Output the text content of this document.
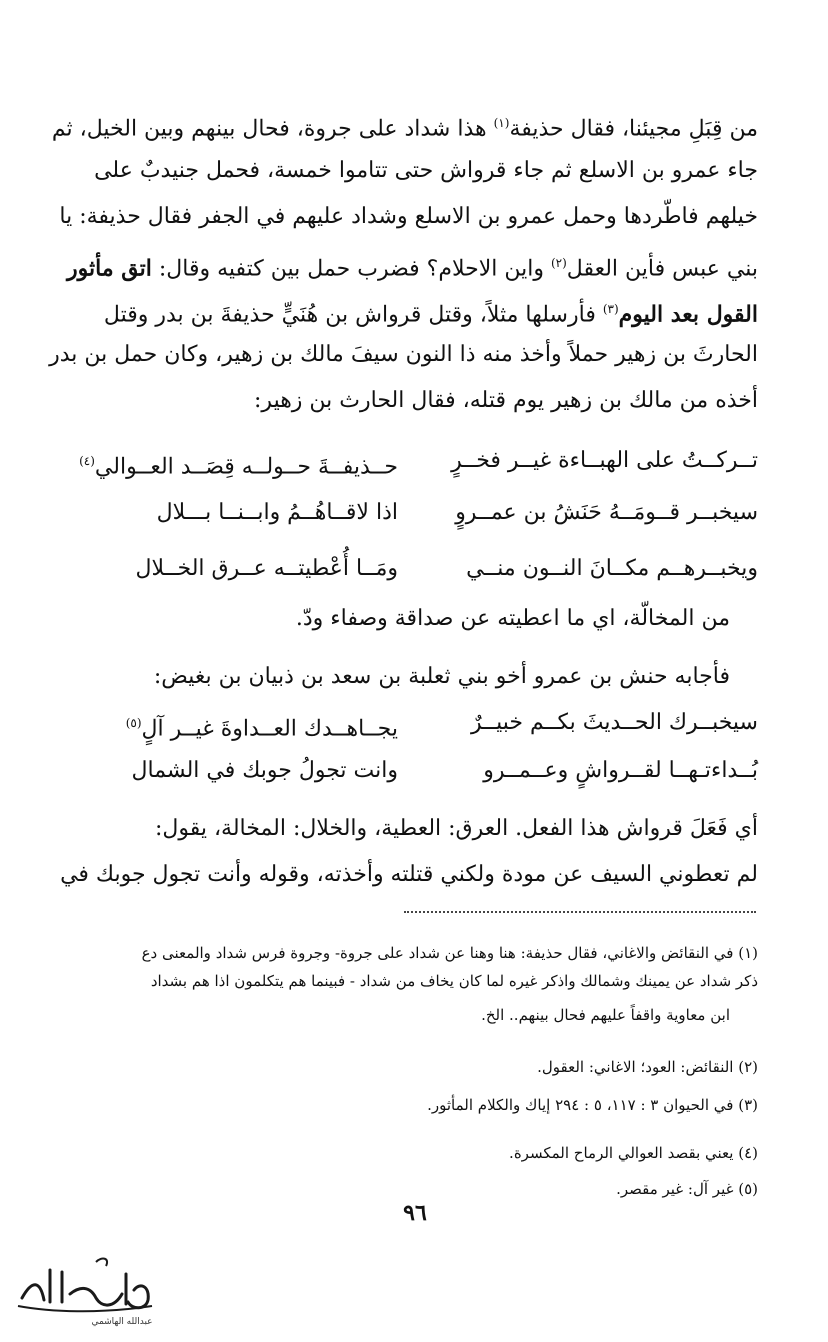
من قِبَلِ مجيئنا، فقال حذيفة$^{(١)}$ هذا شداد على جروة، فحال بينهم وبين الخيل، ثم
جاء عمرو بن الاسلع ثم جاء قرواش حتى تتاموا خمسة، فحمل جنيدبٌ على
خيلهم فاطّردها وحمل عمرو بن الاسلع وشداد عليهم في الجفر فقال حذيفة: يا
بني عبس فأين العقل$^{(٢)}$ واين الاحلام؟ فضرب حمل بين كتفيه وقال: اتق مأثور
القول بعد اليوم$^{(٣)}$ فأرسلها مثلاً، وقتل قرواش بن هُنَيٍّ حذيفةَ بن بدر وقتل
الحارثَ بن زهير حملاً وأخذ منه ذا النون سيفَ مالك بن زهير، وكان حمل بن بدر
أخذه من مالك بن زهير يوم قتله، فقال الحارث بن زهير:
تــركــتُ على الهبــاءة غيــر فخــرٍ
حــذيفــةَ حــولــه قِصَــد العــوالي$^{(٤)}$
سيخبــر قــومَــهُ حَنَشُ بن عمــروٍ
اذا لاقــاهُــمُ وابــنــا بـــلال
ويخبــرهــم مكــانَ النــون منــي
ومَــا أُعْطيتــه عــرق الخــلال
من المخالّة، اي ما اعطيته عن صداقة وصفاء ودّ.
فأجابه حنش بن عمرو أخو بني ثعلبة بن سعد بن ذبيان بن بغيض:
سيخبــرك الحــديثَ بكــم خبيــرٌ
يجــاهــدك العــداوةَ غيــر آلٍ$^{(٥)}$
بُــداءتـهــا لقــرواشٍ وعــمــرو
وانت تجولُ جوبك في الشمال
أي فَعَلَ قرواش هذا الفعل. العرق: العطية، والخلال: المخالة، يقول:
لم تعطوني السيف عن مودة ولكني قتلته وأخذته، وقوله وأنت تجول جوبك في
(١) في النقائض والاغاني، فقال حذيفة: هنا وهنا عن شداد على جروة- وجروة فرس شداد والمعنى دع
ذكر شداد عن يمينك وشمالك واذكر غيره لما كان يخاف من شداد - فبينما هم يتكلمون اذا هم بشداد
ابن معاوية واقفاً عليهم فحال بينهم.. الخ.
(٢) النقائض: العود؛ الاغاني: العقول.
(٣) في الحيوان ٣ : ١١٧، ٥ : ٢٩٤ إياك والكلام المأثور.
(٤) يعني بقصد العوالي الرماح المكسرة.
(٥) غير آل: غير مقصر.
٩٦
عبدالله الهاشمي
